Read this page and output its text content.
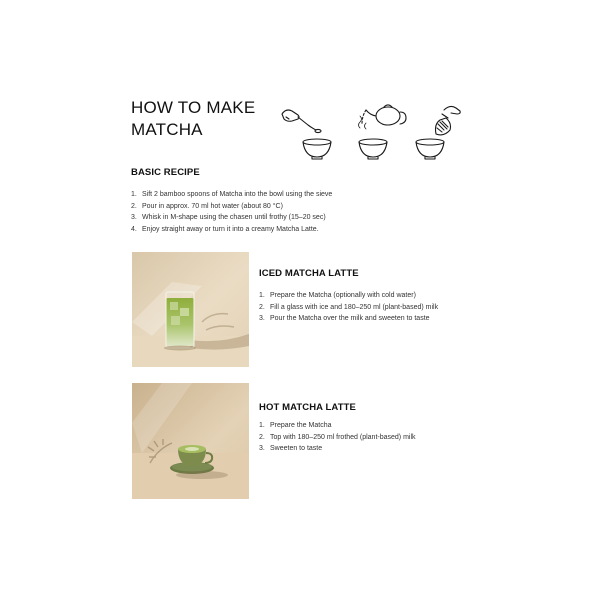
HOW TO MAKE
MATCHA
BASIC RECIPE
1. Sift 2 bamboo spoons of Matcha into the bowl using the sieve
2. Pour in approx. 70 ml hot water (about 80 °C)
3. Whisk in M-shape using the chasen until frothy (15–20 sec)
4. Enjoy straight away or turn it into a creamy Matcha Latte.
ICED MATCHA LATTE
1. Prepare the Matcha (optionally with cold water)
2. Fill a glass with ice and 180–250 ml (plant-based) milk
3. Pour the Matcha over the milk and sweeten to taste
HOT MATCHA LATTE
1. Prepare the Matcha
2. Top with 180–250 ml frothed (plant-based) milk
3. Sweeten to taste
